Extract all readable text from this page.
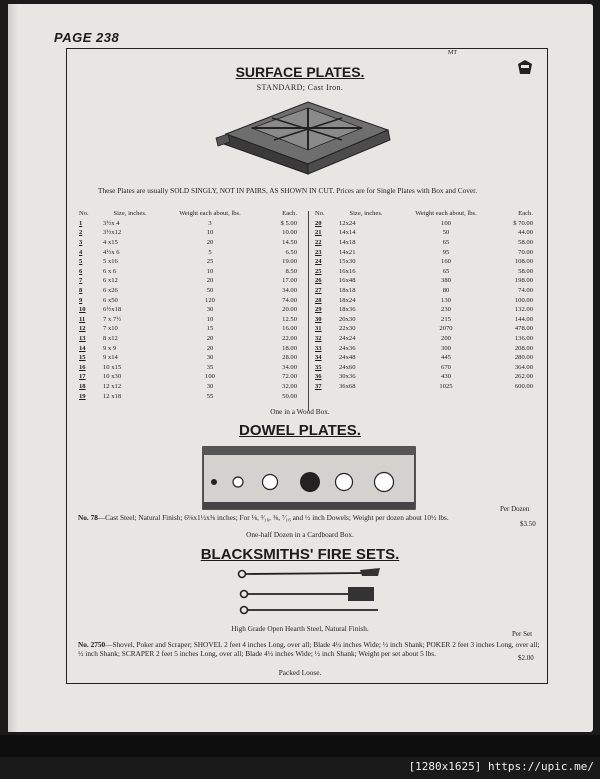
PAGE 238
MT
SURFACE PLATES.
STANDARD; Cast Iron.
These Plates are usually SOLD SINGLY, NOT IN PAIRS, AS SHOWN IN CUT. Prices are for Single Plates with Box and Cover.
No.	Size, inches.	Weight each about, lbs.	Each.
1	3½x 4	3	$ 5.00
2	3½x12	10	10.00
3	4 x15	20	14.50
4	4½x 6	5	6.50
5	5 x16	25	19.00
6	6 x 6	10	8.50
7	6 x12	20	17.00
8	6 x26	50	34.00
9	6 x50	120	74.00
10	6½x18	30	20.00
11	7 x 7½	10	12.50
12	7 x10	15	16.00
13	8 x12	20	22.00
14	9 x 9	20	18.00
15	9 x14	30	28.00
16	10 x15	35	34.00
17	10 x30	100	72.00
18	12 x12	30	32.00
19	12 x18	55	50.00
No.	Size, inches.	Weight each about, lbs.	Each.
20	12x24	100	$ 70.00
21	14x14	50	44.00
22	14x18	65	58.00
23	14x21	95	70.00
24	15x30	160	108.00
25	16x16	65	58.00
26	16x48	380	198.00
27	18x18	80	74.00
28	18x24	130	100.00
29	18x36	230	132.00
30	20x30	215	144.00
31	22x30	2070	478.00
32	24x24	200	136.00
33	24x36	300	208.00
34	24x48	445	280.00
35	24x60	670	364.00
36	30x36	430	262.00
37	36x68	1025	600.00
One in a Wood Box.
DOWEL PLATES.
Per Dozen
No. 78—Cast Steel; Natural Finish; 6⅛x1½x⅜ inches; For ⅛, ³⁄₁₆, ⅜, ⁷⁄₁₆ and ½ inch Dowels; Weight per dozen about 10½ lbs.
$3.50
One-half Dozen in a Cardboard Box.
BLACKSMITHS' FIRE SETS.
High Grade Open Hearth Steel, Natural Finish.
Per Set
No. 2750—Shovel, Poker and Scraper; SHOVEL 2 feet 4 inches Long, over all; Blade 4¼ inches Wide; ½ inch Shank; POKER 2 feet 3 inches Long, over all; ½ inch Shank; SCRAPER 2 feet 5 inches Long, over all; Blade 4½ inches Wide; ½ inch Shank; Weight per set about 5 lbs.	$2.00
Packed Loose.
[1280x1625] https://upic.me/
